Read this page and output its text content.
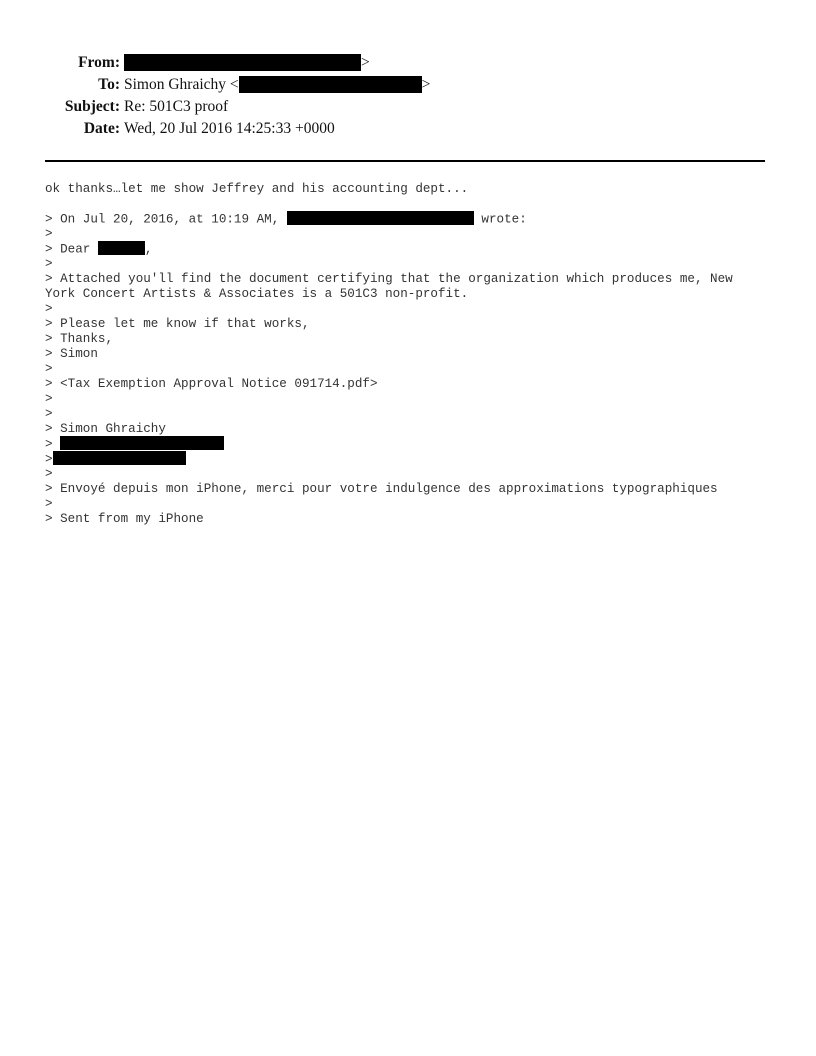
From:	>
To: Simon Ghraichy <	>
Subject: Re: 501C3 proof
Date: Wed, 20 Jul 2016 14:25:33 +0000
ok thanks…let me show Jeffrey and his accounting dept...
> On Jul 20, 2016, at 10:19 AM,	wrote:
>
> Dear	,
>
> Attached you'll find the document certifying that the organization which produces me, New
York Concert Artists & Associates is a 501C3 non-profit.
>
> Please let me know if that works,
> Thanks,
> Simon
>
> <Tax Exemption Approval Notice 091714.pdf>
>
>
> Simon Ghraichy
>
>
>
> Envoyé depuis mon iPhone, merci pour votre indulgence des approximations typographiques
>
> Sent from my iPhone
